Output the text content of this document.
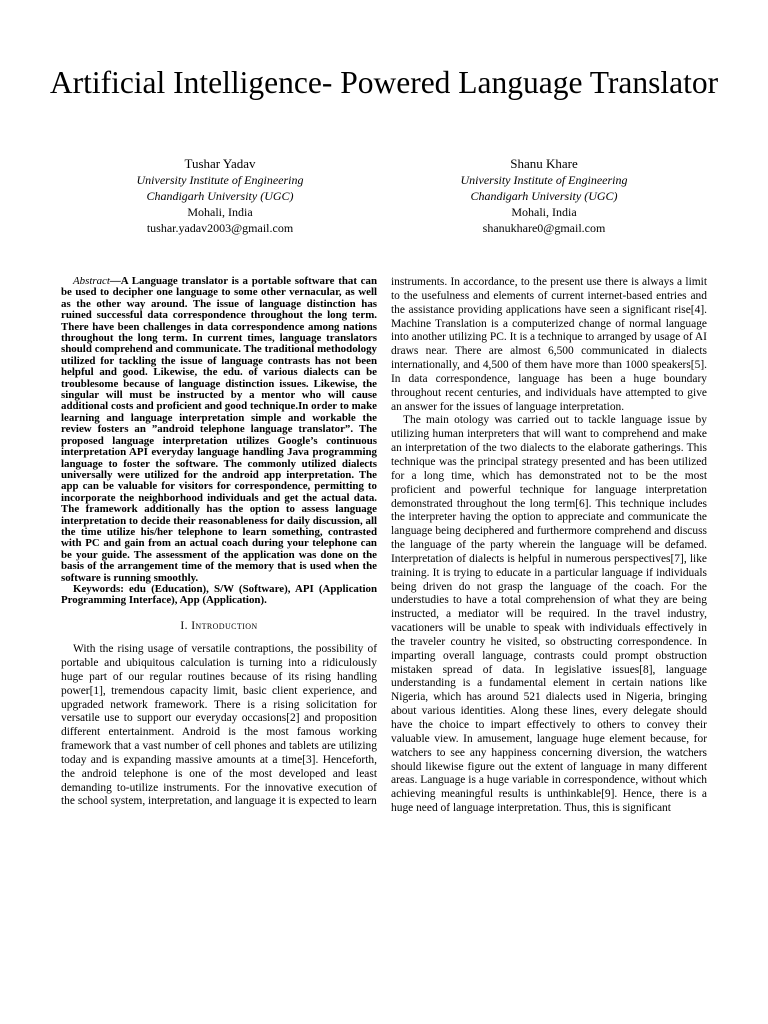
Artificial Intelligence- Powered Language Translator
Tushar Yadav
University Institute of Engineering
Chandigarh University (UGC)
Mohali, India
tushar.yadav2003@gmail.com
Shanu Khare
University Institute of Engineering
Chandigarh University (UGC)
Mohali, India
shanukhare0@gmail.com

Abstract—A Language translator is a portable software that can be used to decipher one language to some other vernacular, as well as the other way around. The issue of language distinction has ruined successful data correspondence throughout the long term. There have been challenges in data correspondence among nations throughout the long term. In current times, language translators should comprehend and communicate. The traditional methodology utilized for tackling the issue of language contrasts has not been helpful and good. Likewise, the edu. of various dialects can be troublesome because of language distinction issues. Likewise, the singular will must be instructed by a mentor who will cause additional costs and proficient and good technique.In order to make learning and language interpretation simple and workable the review fosters an ”android telephone language translator”. The proposed language interpretation utilizes Google’s continuous interpretation API everyday language handling Java programming language to foster the software. The commonly utilized dialects universally were utilized for the android app interpretation. The app can be valuable for visitors for correspondence, permitting to incorporate the neighborhood individuals and get the actual data. The framework additionally has the option to assess language interpretation to decide their reasonableness for daily discussion, all the time utilize his/her telephone to learn something, contrasted with PC and gain from an actual coach during your telephone can be your guide. The assessment of the application was done on the basis of the arrangement time of the memory that is used when the software is running smoothly.

Keywords: edu (Education), S/W (Software), API (Application Programming Interface), App (Application).

I. Introduction

With the rising usage of versatile contraptions, the possibility of portable and ubiquitous calculation is turning into a ridiculously huge part of our regular routines because of its rising handling power[1], tremendous capacity limit, basic client experience, and upgraded network framework. There is a rising solicitation for versatile use to support our everyday occasions[2] and proposition different entertainment. Android is the most famous working framework that a vast number of cell phones and tablets are utilizing today and is expanding massive amounts at a time[3]. Henceforth, the android telephone is one of the most developed and least demanding to-utilize instruments. For the innovative execution of the school system, interpretation, and language it is expected to learn

instruments. In accordance, to the present use there is always a limit to the usefulness and elements of current internet-based entries and the assistance providing applications have seen a significant rise[4]. Machine Translation is a computerized change of normal language into another utilizing PC. It is a technique to arranged by usage of AI draws near. There are almost 6,500 communicated in dialects internationally, and 4,500 of them have more than 1000 speakers[5]. In data correspondence, language has been a huge boundary throughout recent centuries, and individuals have attempted to give an answer for the issues of language interpretation.

The main otology was carried out to tackle language issue by utilizing human interpreters that will want to comprehend and make an interpretation of the two dialects to the elaborate gatherings. This technique was the principal strategy presented and has been utilized for a long time, which has demonstrated not to be the most proficient and powerful technique for language interpretation demonstrated throughout the long term[6]. This technique includes the interpreter having the option to appreciate and communicate the language being deciphered and furthermore comprehend and discuss the language of the party wherein the language will be defamed. Interpretation of dialects is helpful in numerous perspectives[7], like training. It is trying to educate in a particular language if individuals being driven do not grasp the language of the coach. For the understudies to have a total comprehension of what they are being instructed, a mediator will be required. In the travel industry, vacationers will be unable to speak with individuals effectively in the traveler country he visited, so obstructing correspondence. In imparting overall language, contrasts could prompt obstruction mistaken spread of data. In legislative issues[8], language understanding is a fundamental element in certain nations like Nigeria, which has around 521 dialects used in Nigeria, bringing about various identities. Along these lines, every delegate should have the choice to impart effectively to others to convey their valuable view. In amusement, language huge element because, for watchers to see any happiness concerning diversion, the watchers should likewise figure out the extent of language in many different areas. Language is a huge variable in correspondence, without which achieving meaningful results is unthinkable[9]. Hence, there is a huge need of language interpretation. Thus, this is significant
